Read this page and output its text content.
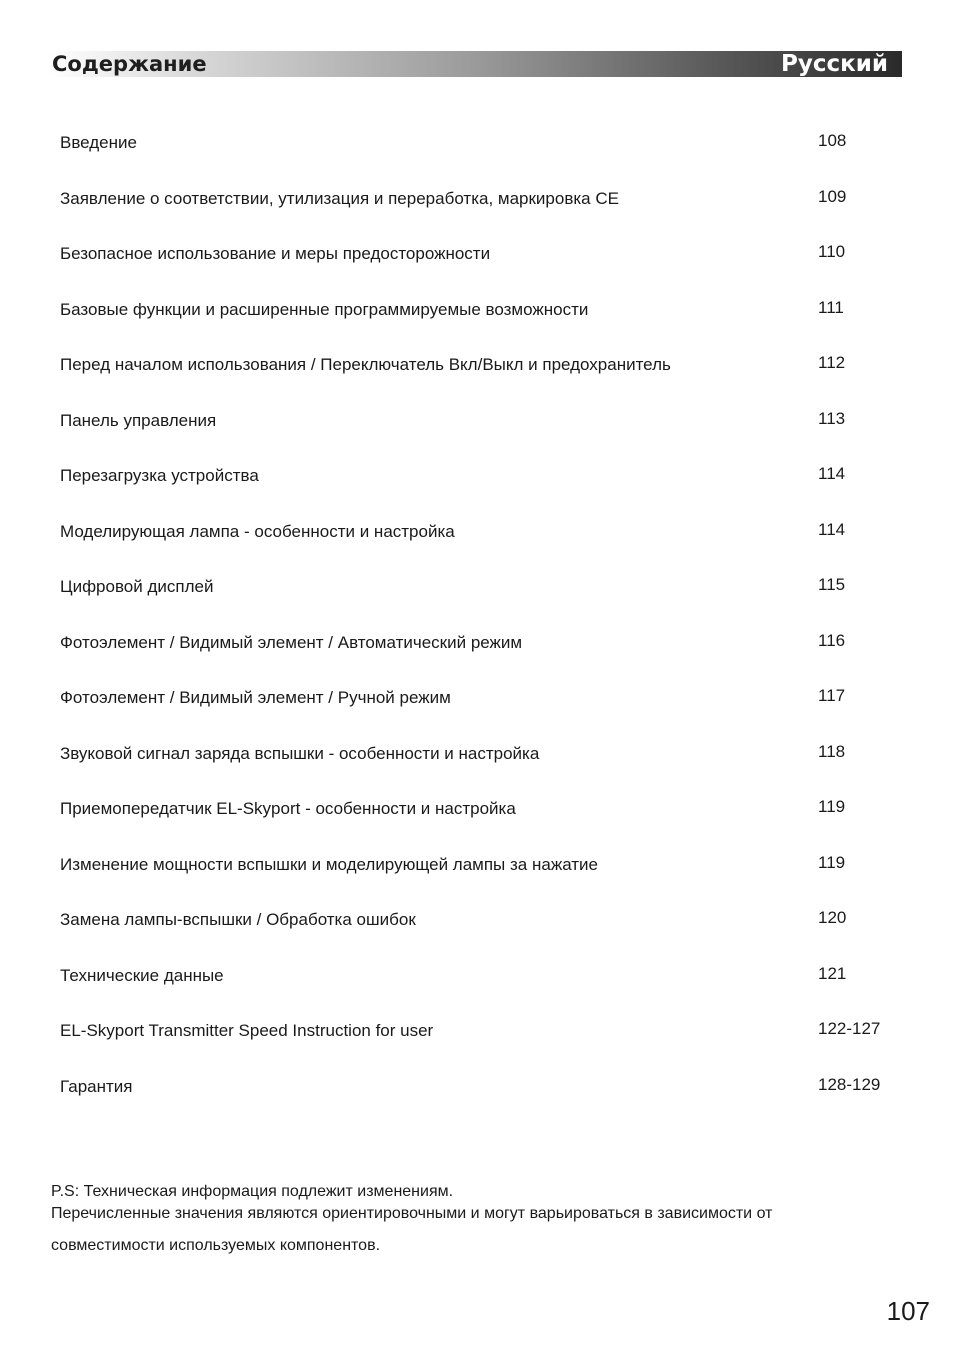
Содержание	Русский
Введение	108
Заявление о соответствии, утилизация и переработка, маркировка CE	109
Безопасное использование и меры предосторожности	110
Базовые функции и расширенные программируемые возможности	111
Перед началом использования / Переключатель Вкл/Выкл и предохранитель	112
Панель управления	113
Перезагрузка устройства	114
Моделирующая лампа - особенности и настройка	114
Цифровой дисплей	115
Фотоэлемент / Видимый элемент / Автоматический режим	116
Фотоэлемент / Видимый элемент / Ручной режим	117
Звуковой сигнал заряда вспышки - особенности и настройка	118
Приемопередатчик EL-Skyport - особенности и настройка	119
Изменение мощности вспышки и моделирующей лампы за нажатие	119
Замена лампы-вспышки / Обработка ошибок	120
Технические данные	121
EL-Skyport Transmitter Speed Instruction for user	122-127
Гарантия	128-129
P.S: Техническая информация подлежит изменениям.
Перечисленные значения являются ориентировочными и могут варьироваться в зависимости от
совместимости используемых компонентов.
107
